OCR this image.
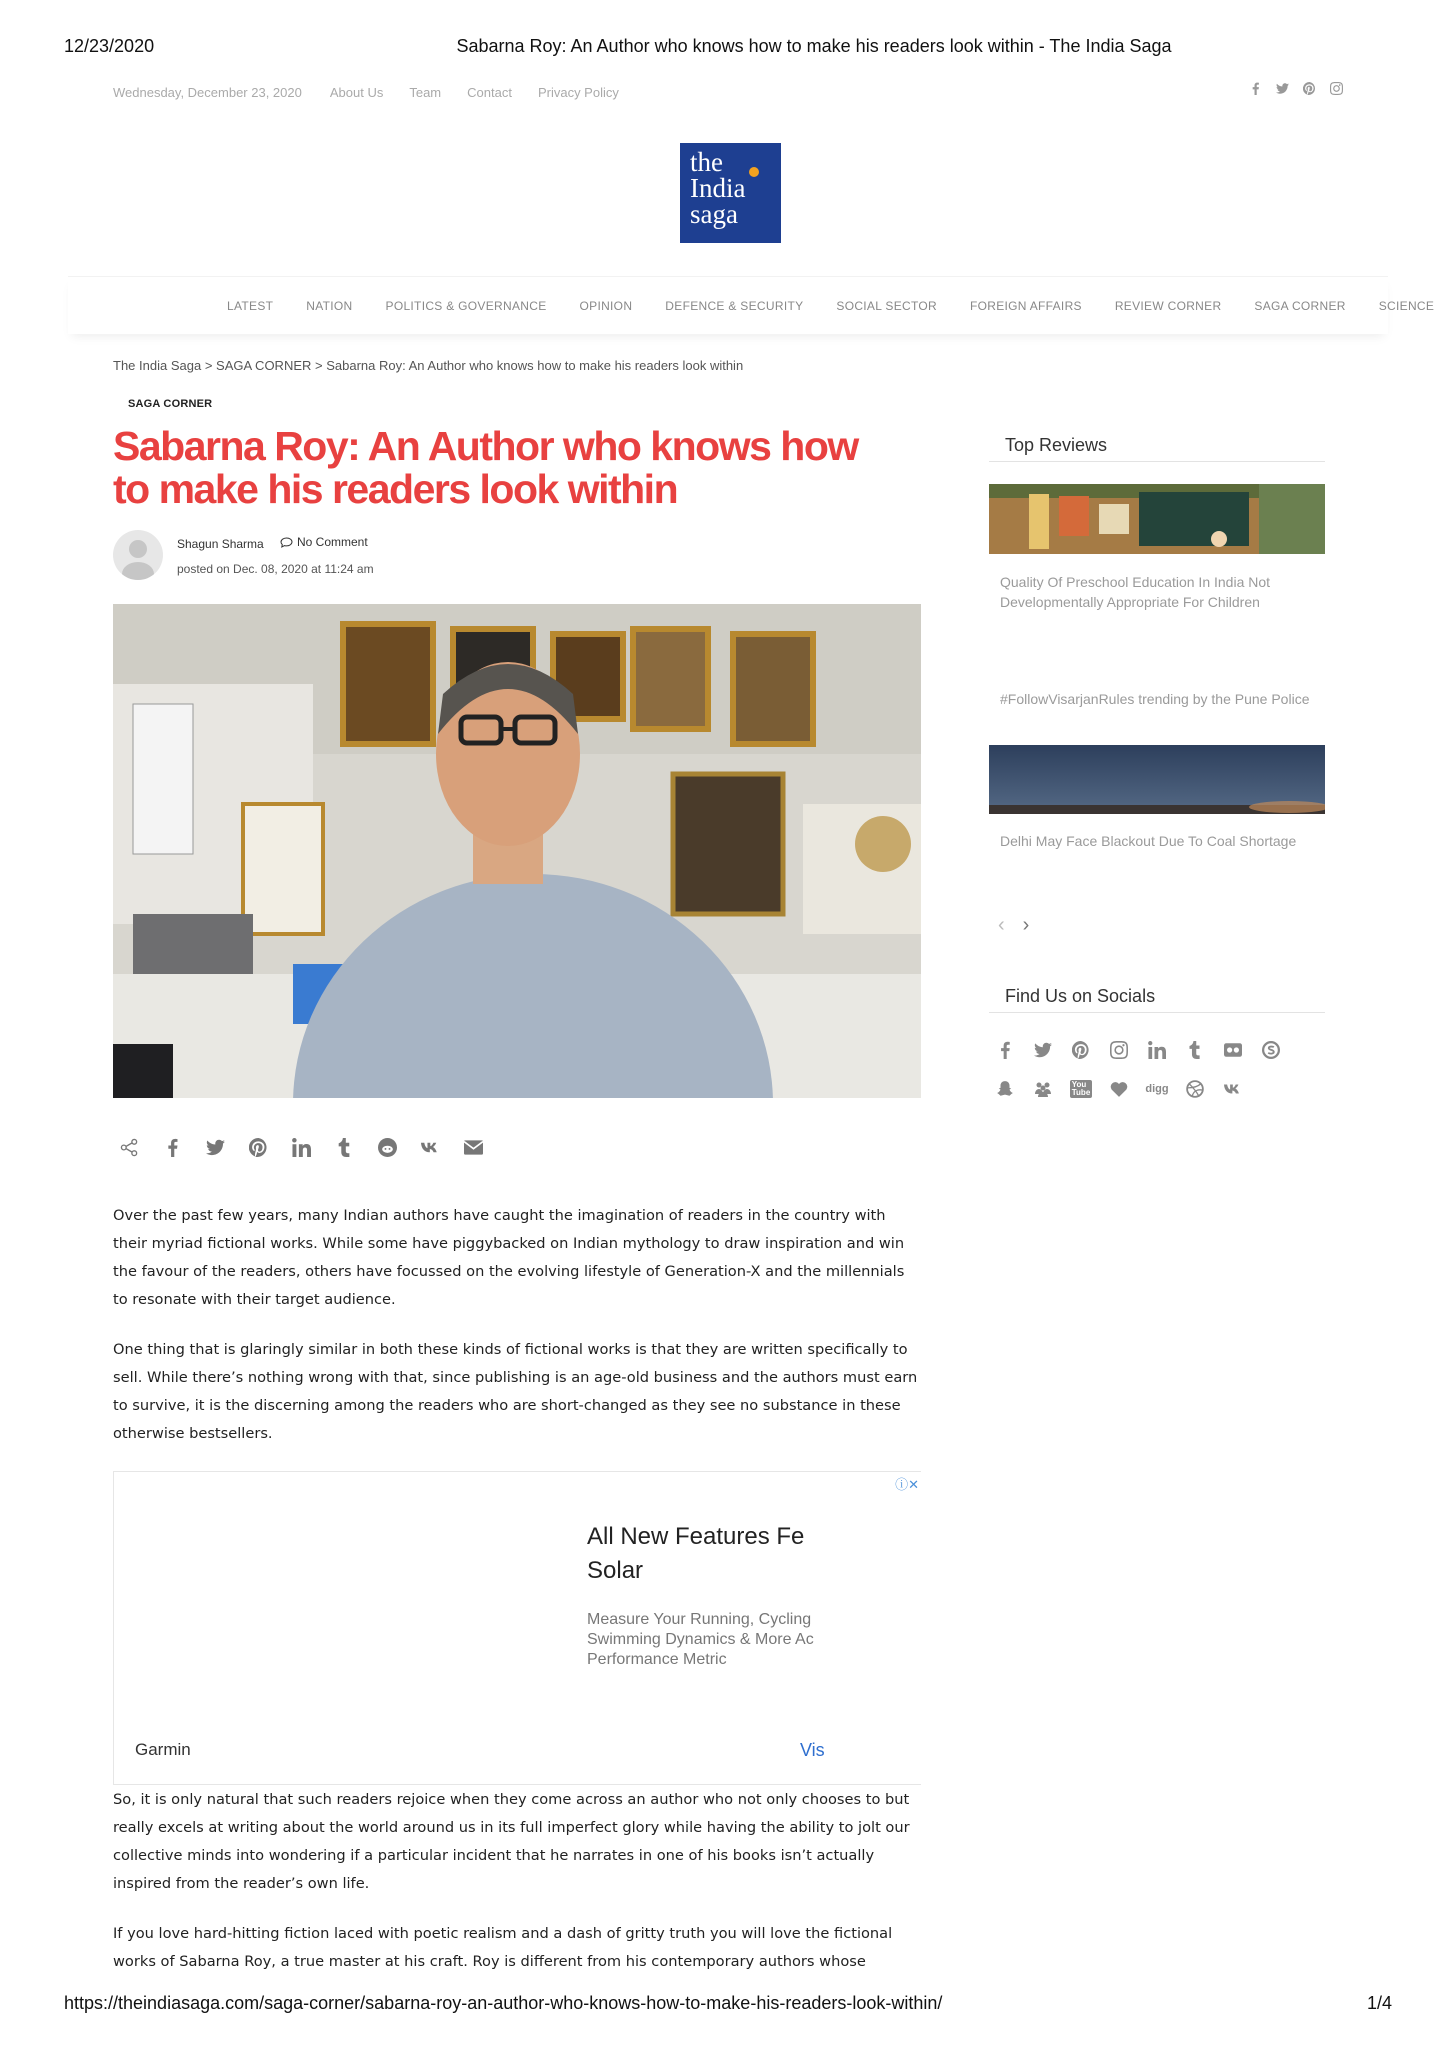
12/23/2020	Sabarna Roy: An Author who knows how to make his readers look within - The India Saga
Wednesday, December 23, 2020 About Us Team Contact Privacy Policy
the
India
saga
LATEST	NATION	POLITICS & GOVERNANCE	OPINION	DEFENCE & SECURITY	SOCIAL SECTOR	FOREIGN AFFAIRS	REVIEW CORNER	SAGA CORNER	SCIENCE
The India Saga > SAGA CORNER > Sabarna Roy: An Author who knows how to make his readers look within
SAGA CORNER
Sabarna Roy: An Author who knows how
to make his readers look within
Shagun Sharma	No Comment
posted on Dec. 08, 2020 at 11:24 am

Over the past few years, many Indian authors have caught the imagination of readers in the country with their myriad fictional works. While some have piggybacked on Indian mythology to draw inspiration and win the favour of the readers, others have focussed on the evolving lifestyle of Generation-X and the millennials to resonate with their target audience.

One thing that is glaringly similar in both these kinds of fictional works is that they are written specifically to sell. While there’s nothing wrong with that, since publishing is an age-old business and the authors must earn to survive, it is the discerning among the readers who are short-changed as they see no substance in these otherwise bestsellers.

ⓘ✕
All New Features Fe
Solar
Measure Your Running, Cycling
Swimming Dynamics & More Ac
Performance Metric
Garmin	Vis

So, it is only natural that such readers rejoice when they come across an author who not only chooses to but really excels at writing about the world around us in its full imperfect glory while having the ability to jolt our collective minds into wondering if a particular incident that he narrates in one of his books isn’t actually inspired from the reader’s own life.

If you love hard-hitting fiction laced with poetic realism and a dash of gritty truth you will love the fictional works of Sabarna Roy, a true master at his craft. Roy is different from his contemporary authors whose

Top Reviews
Quality Of Preschool Education In India Not Developmentally Appropriate For Children
#FollowVisarjanRules trending by the Pune Police
Delhi May Face Blackout Due To Coal Shortage
‹ ›
Find Us on Socials
You Tube	digg
https://theindiasaga.com/saga-corner/sabarna-roy-an-author-who-knows-how-to-make-his-readers-look-within/	1/4
